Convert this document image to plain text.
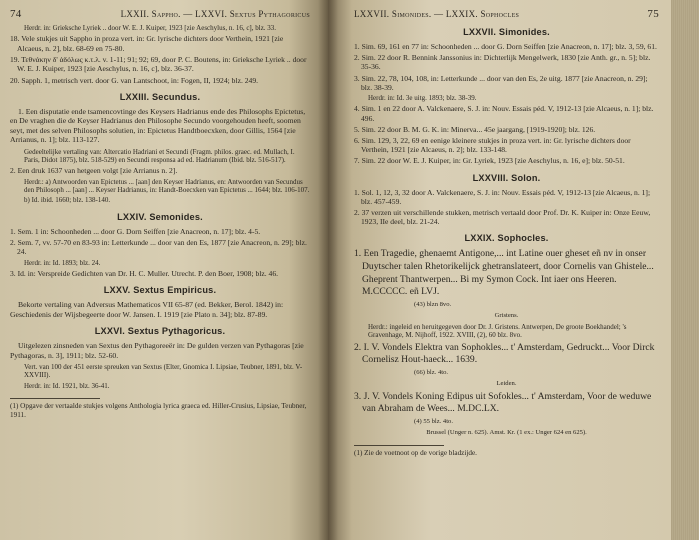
74	LXXII. Sappho. — LXXVI. Sextus Pythagoricus

Herdr. in: Grieksche Lyriek .. door W. E. J. Kuiper, 1923 [zie Aeschylus, n. 16, c], blz. 33.

18. Vele stukjes uit Sappho in proza vert. in: Gr. lyrische dichters door Verthein, 1921 [zie Alcaeus, n. 2], blz. 68-69 en 75-80.

19. Τεθνάκην δ' ἀδόλως κ.τ.λ. v. 1-11; 91; 92; 69, door P. C. Boutens, in: Grieksche Lyriek .. door W. E. J. Kuiper, 1923 [zie Aeschylus, n. 16, c], blz. 36-37.

20. Sapph. 1, metrisch vert. door G. van Lantschoot, in: Fogen, II, 1924; blz. 249.

LXXIII. Secundus.

1. Een disputatie ende tsamencovtinge des Keysers Hadrianus ende des Philosophs Epictetus, en De vraghen die de Keyser Hadrianus den Philosophe Secundo voorgehouden heeft, soomen seyt, met des selven Philosophs solutien, in: Epictetus Handtboecxken, door Gillis, 1564 [zie Arrianus, n. 1]; blz. 113-127.

Gedeeltelijke vertaling van: Altercatio Hadriani et Secundi (Fragm. philos. graec. ed. Mullach, I. Paris, Didot 1875), blz. 518-529) en Secundi responsa ad ed. Hadrianum (Ibid. blz. 516-517).

2. Een druk 1637 van hetgeen volgt [zie Arrianus n. 2].

Herdr.: a) Antwoorden van Epictetus ... [aan] den Keyser Hadrianus, en: Antwoorden van Secundus den Philosoph ... [aan] ... Keyser Hadrianus, in: Handt-Boecxken van Epictetus ... 1644; blz. 106-107.

b) Id. ibid. 1660; blz. 138-140.

LXXIV. Semonides.

1. Sem. 1 in: Schoonheden ... door G. Dorn Seiffen [zie Anacreon, n. 17]; blz. 4-5.

2. Sem. 7, vv. 57-70 en 83-93 in: Letterkunde ... door van den Es, 1877 [zie Anacreon, n. 29]; blz. 24.

Herdr. in: Id. 1893; blz. 24.

3. Id. in: Verspreide Gedichten van Dr. H. C. Muller. Utrecht. P. den Boer, 1908; blz. 46.

LXXV. Sextus Empiricus.

Bekorte vertaling van Adversus Mathematicos VII 65-87 (ed. Bekker, Berol. 1842) in: Geschiedenis der Wijsbegeerte door W. Jansen. I. 1919 [zie Plato n. 34]; blz. 87-89.

LXXVI. Sextus Pythagoricus.

Uitgelezen zinsneden van Sextus den Pythagoreeër in: De gulden verzen van Pythagoras [zie Pythagoras, n. 3], 1911; blz. 52-60.

Vert. van 100 der 451 eerste spreuken van Sextus (Elter, Gnomica I. Lipsiae, Teubner, 1891, blz. V-XXVIII).

Herdr. in: Id. 1921, blz. 36-41.

(1) Opgave der vertaalde stukjes volgens Anthologia lyrica graeca ed. Hiller-Crusius, Lipsiae, Teubner, 1911.

LXXVII. Simonides. — LXXIX. Sophocles	75
LXXVII. Simonides.

1. Sim. 69, 161 en 77 in: Schoonheden ... door G. Dorn Seiffen [zie Anacreon, n. 17]; blz. 3, 59, 61.

2. Sim. 22 door R. Bennink Janssonius in: Dichterlijk Mengelwerk, 1830 [zie Anth. gr., n. 5]; blz. 35-36.

3. Sim. 22, 78, 104, 108, in: Letterkunde ... door van den Es, 2e uitg. 1877 [zie Anacreon, n. 29]; blz. 38-39.

Herdr. in: Id. 3e uitg. 1893; blz. 38-39.

4. Sim. 1 en 22 door A. Valckenaere, S. J. in: Nouv. Essais péd. V, 1912-13 [zie Alcaeus, n. 1]; blz. 496.

5. Sim. 22 door B. M. G. K. in: Minerva... 45e jaargang, [1919-1920]; blz. 126.

6. Sim. 129, 3, 22, 69 en eenige kleinere stukjes in proza vert. in: Gr. lyrische dichters door Verthein, 1921 [zie Alcaeus, n. 2]; blz. 133-148.

7. Sim. 22 door W. E. J. Kuiper, in: Gr. Lyriek, 1923 [zie Aeschylus, n. 16, e]; blz. 50-51.

LXXVIII. Solon.

1. Sol. 1, 12, 3, 32 door A. Valckenaere, S. J. in: Nouv. Essais péd. V, 1912-13 [zie Alcaeus, n. 1]; blz. 457-459.

2. 37 verzen uit verschillende stukken, metrisch vertaald door Prof. Dr. K. Kuiper in: Onze Eeuw, 1923, IIe deel, blz. 21-24.

LXXIX. Sophocles.

1. Een Tragedie, ghenaemt Antigone,... int Latine ouer gheset eñ nv in onser Duytscher talen Rhetorikelijck ghetranslateert, door Cornelis van Ghistele... Gheprent Thantwerpen... Bi my Symon Cock. Int iaer ons Heeren. M.CCCCC. eñ LVJ.

(43) blzn 8vo.

Gristens.

Herdr.: ingeleid en heruitgegeven door Dr. J. Gristens. Antwerpen, De groote Boekhandel; 's Gravenhage, M. Nijhoff, 1922. XVIII, (2), 60 blz. 8vo.

2. I. V. Vondels Elektra van Sophokles... t' Amsterdam, Gedruckt... Voor Dirck Cornelisz Hout-haeck... 1639.

(66) blz. 4to.

Leiden.

3. J. V. Vondels Koning Edipus uit Sofokles... t' Amsterdam, Voor de weduwe van Abraham de Wees... M.DC.LX.

(4) 55 blz. 4to.

Brussel (Unger n. 625). Amst. Kr. (1 ex.: Unger 624 en 625).

(1) Zie de voetnoot op de vorige bladzijde.
